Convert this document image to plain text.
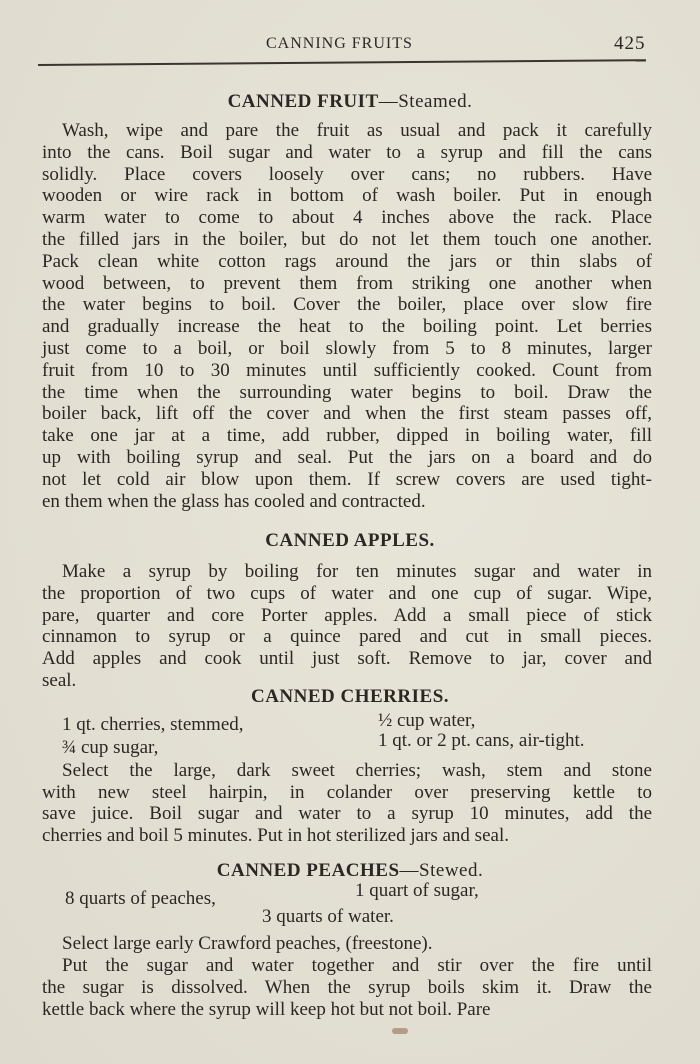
CANNING FRUITS	425
CANNED FRUIT—Steamed.
CANNED APPLES.
CANNED CHERRIES.
CANNED PEACHES—Stewed.
1 qt. cherries, stemmed,	½ cup water,
¾ cup sugar,	1 qt. or 2 pt. cans, air-tight.
8 quarts of peaches,	1 quart of sugar,
3 quarts of water.
Wash, wipe and pare the fruit as usual and pack it carefully
into the cans. Boil sugar and water to a syrup and fill the cans
solidly. Place covers loosely over cans; no rubbers. Have
wooden or wire rack in bottom of wash boiler. Put in enough
warm water to come to about 4 inches above the rack. Place
the filled jars in the boiler, but do not let them touch one another.
Pack clean white cotton rags around the jars or thin slabs of
wood between, to prevent them from striking one another when
the water begins to boil. Cover the boiler, place over slow fire
and gradually increase the heat to the boiling point. Let berries
just come to a boil, or boil slowly from 5 to 8 minutes, larger
fruit from 10 to 30 minutes until sufficiently cooked. Count from
the time when the surrounding water begins to boil. Draw the
boiler back, lift off the cover and when the first steam passes off,
take one jar at a time, add rubber, dipped in boiling water, fill
up with boiling syrup and seal. Put the jars on a board and do
not let cold air blow upon them. If screw covers are used tight-
en them when the glass has cooled and contracted.
Make a syrup by boiling for ten minutes sugar and water in
the proportion of two cups of water and one cup of sugar. Wipe,
pare, quarter and core Porter apples. Add a small piece of stick
cinnamon to syrup or a quince pared and cut in small pieces.
Add apples and cook until just soft. Remove to jar, cover and
seal.
Select the large, dark sweet cherries; wash, stem and stone
with new steel hairpin, in colander over preserving kettle to
save juice. Boil sugar and water to a syrup 10 minutes, add the
cherries and boil 5 minutes. Put in hot sterilized jars and seal.
Select large early Crawford peaches, (freestone).
Put the sugar and water together and stir over the fire until
the sugar is dissolved. When the syrup boils skim it. Draw the
kettle back where the syrup will keep hot but not boil. Pare
